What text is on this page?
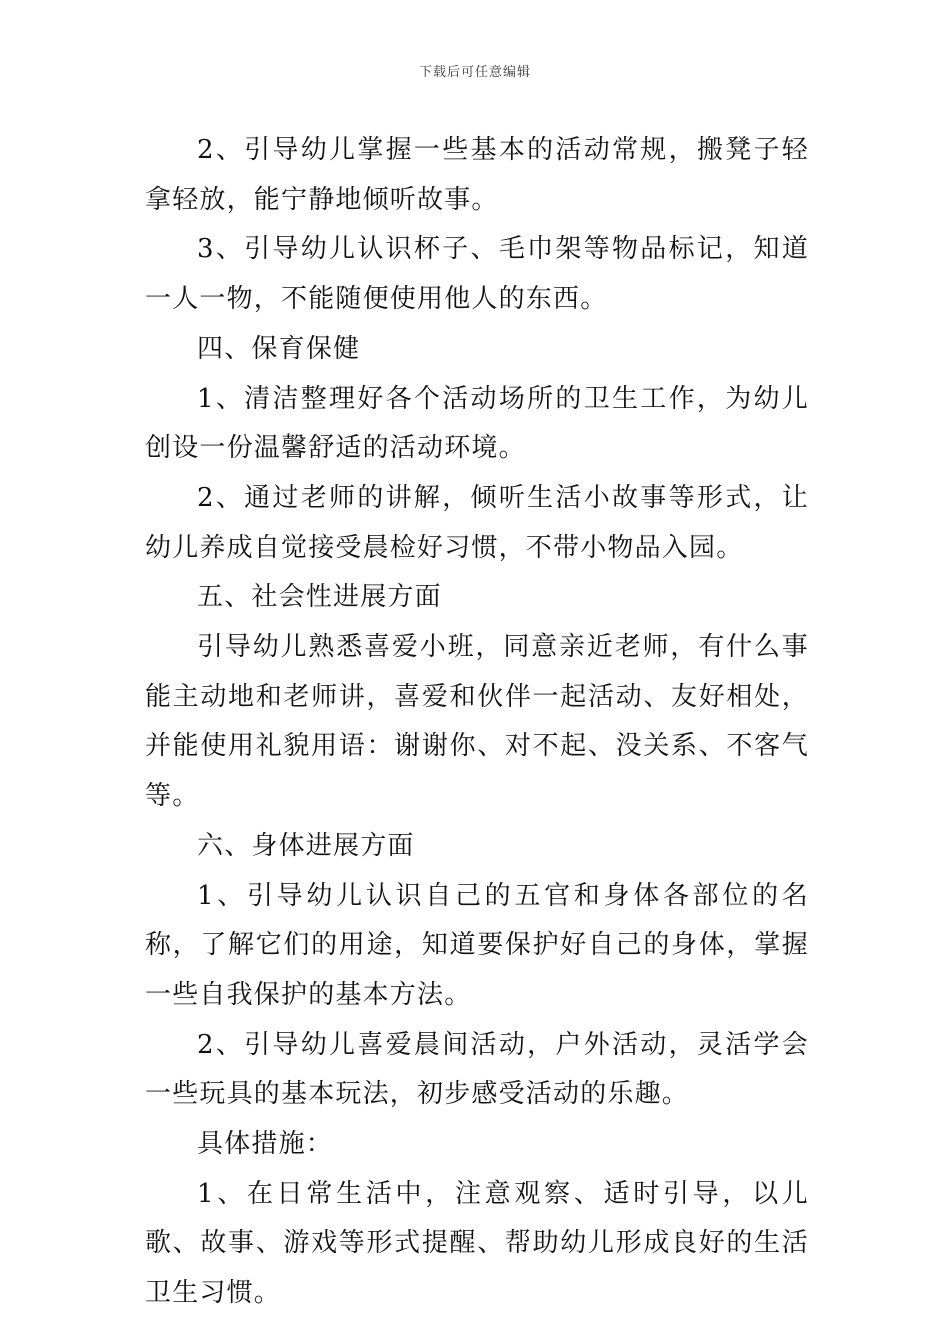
下载后可任意编辑

2、引导幼儿掌握一些基本的活动常规，搬凳子轻拿轻放，能宁静地倾听故事。

3、引导幼儿认识杯子、毛巾架等物品标记，知道一人一物，不能随便使用他人的东西。

四、保育保健

1、清洁整理好各个活动场所的卫生工作，为幼儿创设一份温馨舒适的活动环境。

2、通过老师的讲解，倾听生活小故事等形式，让幼儿养成自觉接受晨检好习惯，不带小物品入园。

五、社会性进展方面

引导幼儿熟悉喜爱小班，同意亲近老师，有什么事能主动地和老师讲，喜爱和伙伴一起活动、友好相处，并能使用礼貌用语：谢谢你、对不起、没关系、不客气等。

六、身体进展方面

1、引导幼儿认识自己的五官和身体各部位的名称，了解它们的用途，知道要保护好自己的身体，掌握一些自我保护的基本方法。

2、引导幼儿喜爱晨间活动，户外活动，灵活学会一些玩具的基本玩法，初步感受活动的乐趣。

具体措施：

1、在日常生活中，注意观察、适时引导，以儿歌、故事、游戏等形式提醒、帮助幼儿形成良好的生活卫生习惯。
